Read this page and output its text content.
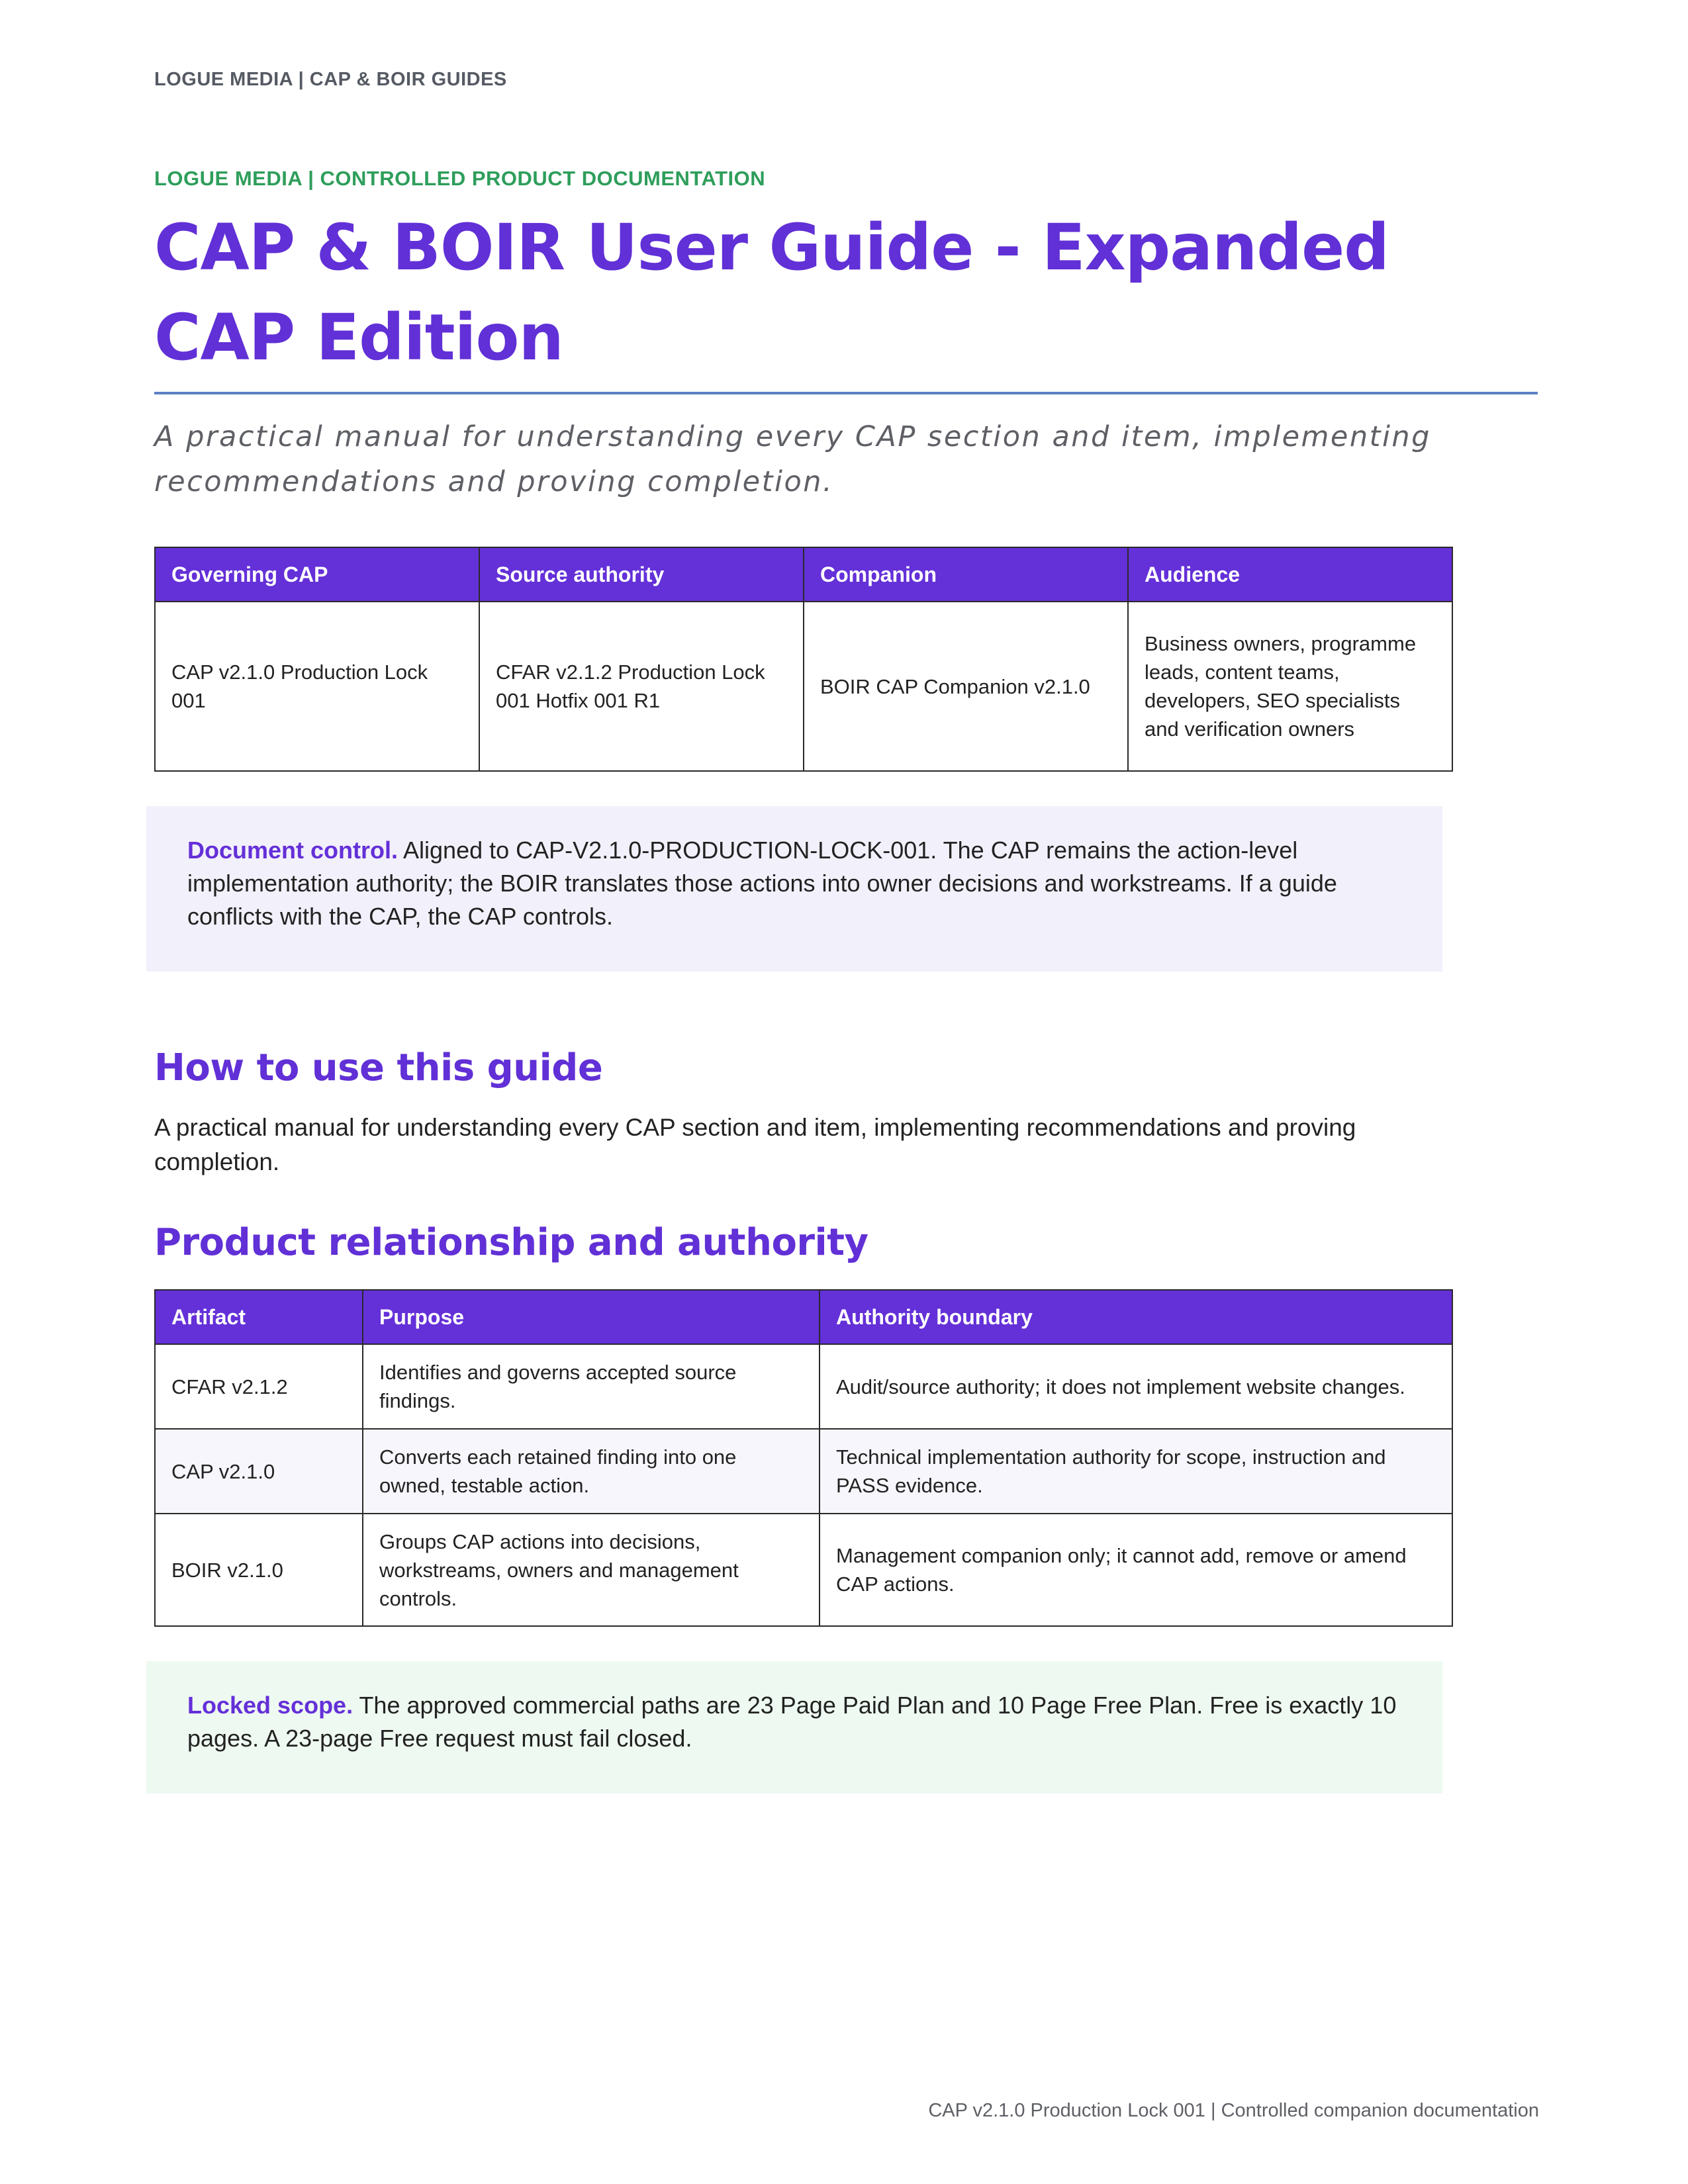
LOGUE MEDIA | CAP & BOIR GUIDES

LOGUE MEDIA | CONTROLLED PRODUCT DOCUMENTATION

CAP & BOIR User Guide - Expanded CAP Edition

A practical manual for understanding every CAP section and item, implementing recommendations and proving completion.

Governing CAP	Source authority	Companion	Audience
CAP v2.1.0 Production Lock 001	CFAR v2.1.2 Production Lock 001 Hotfix 001 R1	BOIR CAP Companion v2.1.0	Business owners, programme leads, content teams, developers, SEO specialists and verification owners
Document control. Aligned to CAP-V2.1.0-PRODUCTION-LOCK-001. The CAP remains the action-level implementation authority; the BOIR translates those actions into owner decisions and workstreams. If a guide conflicts with the CAP, the CAP controls.
How to use this guide

A practical manual for understanding every CAP section and item, implementing recommendations and proving completion.

Product relationship and authority
Artifact	Purpose	Authority boundary
CFAR v2.1.2	Identifies and governs accepted source findings.	Audit/source authority; it does not implement website changes.
CAP v2.1.0	Converts each retained finding into one owned, testable action.	Technical implementation authority for scope, instruction and PASS evidence.
BOIR v2.1.0	Groups CAP actions into decisions, workstreams, owners and management controls.	Management companion only; it cannot add, remove or amend CAP actions.
Locked scope. The approved commercial paths are 23 Page Paid Plan and 10 Page Free Plan. Free is exactly 10 pages. A 23-page Free request must fail closed.
CAP v2.1.0 Production Lock 001 | Controlled companion documentation
